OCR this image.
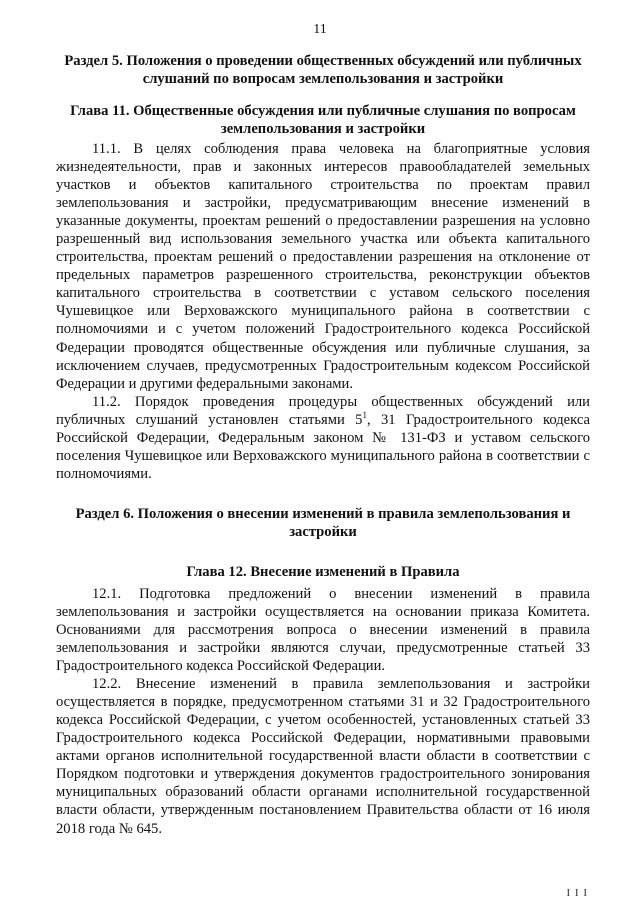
11
Раздел 5. Положения о проведении общественных обсуждений или публичных слушаний по вопросам землепользования и застройки
Глава 11. Общественные обсуждения или публичные слушания по вопросам землепользования и застройки

11.1. В целях соблюдения права человека на благоприятные условия жизнедеятельности, прав и законных интересов правообладателей земельных участков и объектов капитального строительства по проектам правил землепользования и застройки, предусматривающим внесение изменений в указанные документы, проектам решений о предоставлении разрешения на условно разрешенный вид использования земельного участка или объекта капитального строительства, проектам решений о предоставлении разрешения на отклонение от предельных параметров разрешенного строительства, реконструкции объектов капитального строительства в соответствии с уставом сельского поселения Чушевицкое или Верховажского муниципального района в соответствии с полномочиями и с учетом положений Градостроительного кодекса Российской Федерации проводятся общественные обсуждения или публичные слушания, за исключением случаев, предусмотренных Градостроительным кодексом Российской Федерации и другими федеральными законами.

11.2. Порядок проведения процедуры общественных обсуждений или публичных слушаний установлен статьями $5^1$, 31 Градостроительного кодекса Российской Федерации, Федеральным законом № 131-ФЗ и уставом сельского поселения Чушевицкое или Верховажского муниципального района в соответствии с полномочиями.

Раздел 6. Положения о внесении изменений в правила землепользования и застройки
Глава 12. Внесение изменений в Правила

12.1. Подготовка предложений о внесении изменений в правила землепользования и застройки осуществляется на основании приказа Комитета. Основаниями для рассмотрения вопроса о внесении изменений в правила землепользования и застройки являются случаи, предусмотренные статьей 33 Градостроительного кодекса Российской Федерации.

12.2. Внесение изменений в правила землепользования и застройки осуществляется в порядке, предусмотренном статьями 31 и 32 Градостроительного кодекса Российской Федерации, с учетом особенностей, установленных статьей 33 Градостроительного кодекса Российской Федерации, нормативными правовыми актами органов исполнительной государственной власти области в соответствии с Порядком подготовки и утверждения документов градостроительного зонирования муниципальных образований области органами исполнительной государственной власти области, утвержденным постановлением Правительства области от 16 июля 2018 года № 645.

I I I
